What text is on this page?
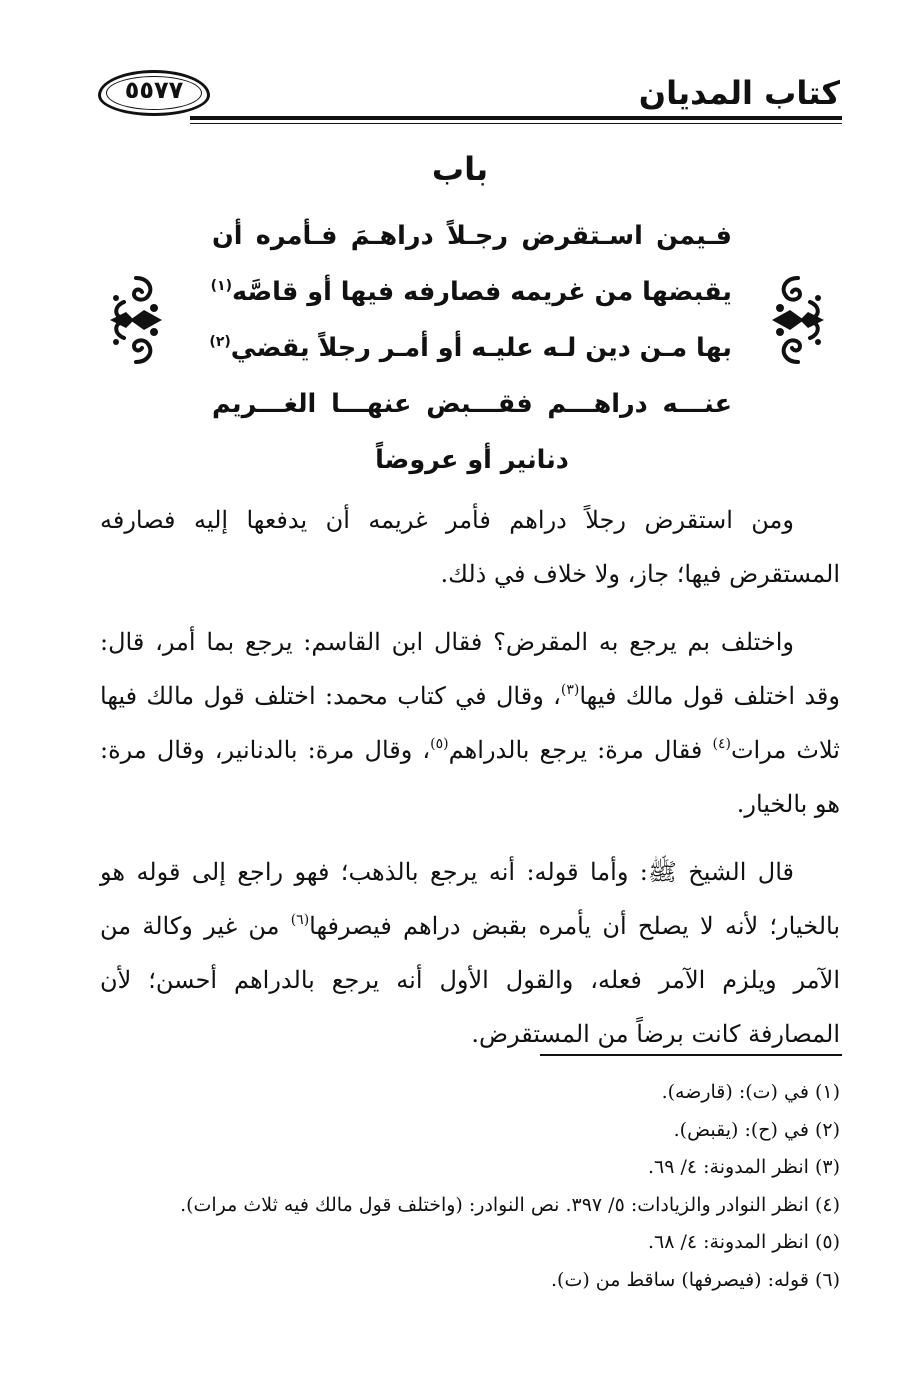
كتاب المديان
٥٥٧٧
باب
فـيمن اسـتقرض رجـلاً دراهـمَ فـأمره أن
يقبضها من غريمه فصارفه فيها أو قاصَّه$^{(١)}$
بها مـن دين لـه عليـه أو أمـر رجلاً يقضي$^{(٢)}$
عنـــه دراهـــم فقـــبض عنهـــا الغـــريم
دنانير أو عروضاً

ومن استقرض رجلاً دراهم فأمر غريمه أن يدفعها إليه فصارفه المستقرض فيها؛ جاز، ولا خلاف في ذلك.

واختلف بم يرجع به المقرض؟ فقال ابن القاسم: يرجع بما أمر، قال: وقد اختلف قول مالك فيها$^{(٣)}$، وقال في كتاب محمد: اختلف قول مالك فيها ثلاث مرات$^{(٤)}$ فقال مرة: يرجع بالدراهم$^{(٥)}$، وقال مرة: بالدنانير، وقال مرة: هو بالخيار.

قال الشيخ ﷺ: وأما قوله: أنه يرجع بالذهب؛ فهو راجع إلى قوله هو بالخيار؛ لأنه لا يصلح أن يأمره بقبض دراهم فيصرفها$^{(٦)}$ من غير وكالة من الآمر ويلزم الآمر فعله، والقول الأول أنه يرجع بالدراهم أحسن؛ لأن المصارفة كانت برضاً من المستقرض.

(١) في (ت): (قارضه).
(٢) في (ح): (يقبض).
(٣) انظر المدونة: ٤/ ٦٩.
(٤) انظر النوادر والزيادات: ٥/ ٣٩٧. نص النوادر: (واختلف قول مالك فيه ثلاث مرات).
(٥) انظر المدونة: ٤/ ٦٨.
(٦) قوله: (فيصرفها) ساقط من (ت).
